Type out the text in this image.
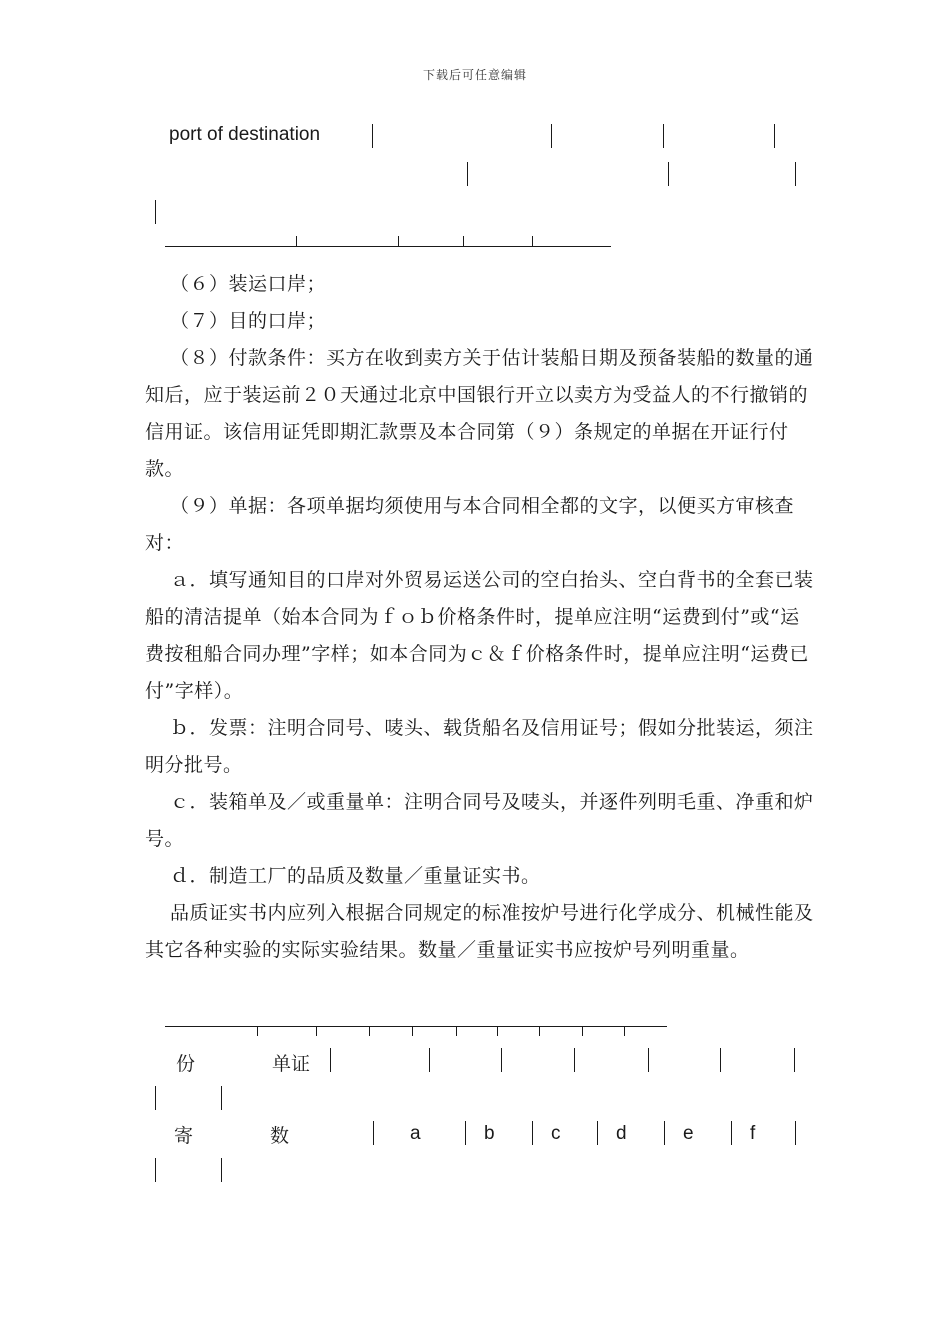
下载后可任意编辑
port of destination

（６）装运口岸；

（７）目的口岸；

（８）付款条件：买方在收到卖方关于估计装船日期及预备装船的数量的通知后，应于装运前２０天通过北京中国银行开立以卖方为受益人的不行撤销的信用证。该信用证凭即期汇款票及本合同第（９）条规定的单据在开证行付款。

（９）单据：各项单据均须使用与本合同相全都的文字，以便买方审核查对：

ａ．填写通知目的口岸对外贸易运送公司的空白抬头、空白背书的全套已装船的清洁提单（始本合同为ｆｏｂ价格条件时，提单应注明“运费到付”或“运费按租船合同办理”字样；如本合同为ｃ＆ｆ价格条件时，提单应注明“运费已付”字样）。

ｂ．发票：注明合同号、唛头、载货船名及信用证号；假如分批装运，须注明分批号。

ｃ．装箱单及／或重量单：注明合同号及唛头，并逐件列明毛重、净重和炉号。

ｄ．制造工厂的品质及数量／重量证实书。

品质证实书内应列入根据合同规定的标准按炉号进行化学成分、机械性能及其它各种实验的实际实验结果。数量／重量证实书应按炉号列明重量。

份	单证
寄	数	a	b	c	d	e	f
